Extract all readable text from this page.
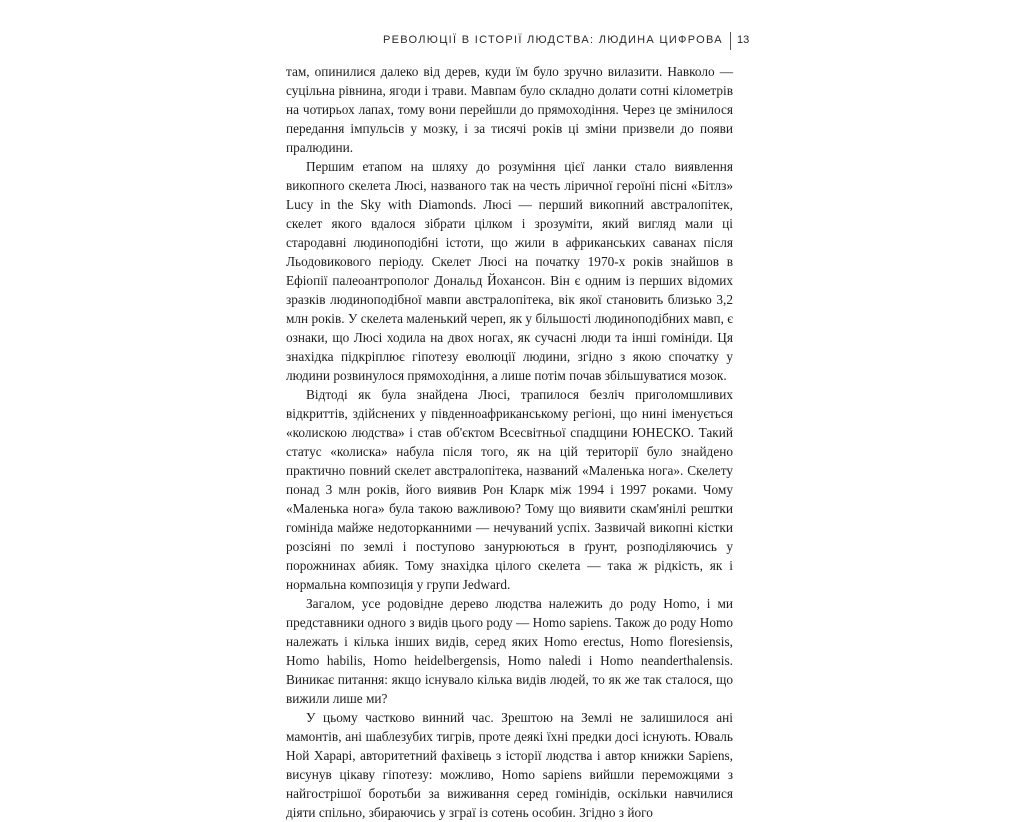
РЕВОЛЮЦІЇ В ІСТОРІЇ ЛЮДСТВА: ЛЮДИНА ЦИФРОВА 13

там, опинилися далеко від дерев, куди їм було зручно вилазити. Навколо — суцільна рівнина, ягоди і трави. Мавпам було складно долати сотні кілометрів на чотирьох лапах, тому вони перейшли до прямоходіння. Через це змінилося передання імпульсів у мозку, і за тисячі років ці зміни призвели до появи пралюдини.

Першим етапом на шляху до розуміння цієї ланки стало виявлення викопного скелета Люсі, названого так на честь ліричної героїні пісні «Бітлз» Lucy in the Sky with Diamonds. Люсі — перший викопний австралопітек, скелет якого вдалося зібрати цілком і зрозуміти, який вигляд мали ці стародавні людиноподібні істоти, що жили в африканських саванах після Льодовикового періоду. Скелет Люсі на початку 1970-х років знайшов в Ефіопії палеоантрополог Дональд Йохансон. Він є одним із перших відомих зразків людиноподібної мавпи австралопітека, вік якої становить близько 3,2 млн років. У скелета маленький череп, як у більшості людиноподібних мавп, є ознаки, що Люсі ходила на двох ногах, як сучасні люди та інші гомініди. Ця знахідка підкріплює гіпотезу еволюції людини, згідно з якою спочатку у людини розвинулося прямоходіння, а лише потім почав збільшуватися мозок.

Відтоді як була знайдена Люсі, трапилося безліч приголомшливих відкриттів, здійснених у південноафриканському регіоні, що нині іменується «колискою людства» і став об'єктом Всесвітньої спадщини ЮНЕСКО. Такий статус «колиска» набула після того, як на цій території було знайдено практично повний скелет австралопітека, названий «Маленька нога». Скелету понад 3 млн років, його виявив Рон Кларк між 1994 і 1997 роками. Чому «Маленька нога» була такою важливою? Тому що виявити скам'янілі рештки гомініда майже недоторканними — нечуваний успіх. Зазвичай викопні кістки розсіяні по землі і поступово занурюються в ґрунт, розподіляючись у порожнинах абияк. Тому знахідка цілого скелета — така ж рідкість, як і нормальна композиція у групи Jedward.

Загалом, усе родовідне дерево людства належить до роду Homo, і ми представники одного з видів цього роду — Homo sapiens. Також до роду Homo належать і кілька інших видів, серед яких Homo erectus, Homo floresiensis, Homo habilis, Homo heidelbergensis, Homo naledi і Homo neanderthalensis. Виникає питання: якщо існувало кілька видів людей, то як же так сталося, що вижили лише ми?

У цьому частково винний час. Зрештою на Землі не залишилося ані мамонтів, ані шаблезубих тигрів, проте деякі їхні предки досі існують. Юваль Ной Харарі, авторитетний фахівець з історії людства і автор книжки Sapiens, висунув цікаву гіпотезу: можливо, Homo sapiens вийшли переможцями з найгострішої боротьби за виживання серед гомінідів, оскільки навчилися діяти спільно, збираючись у зграї із сотень особин. Згідно з його
